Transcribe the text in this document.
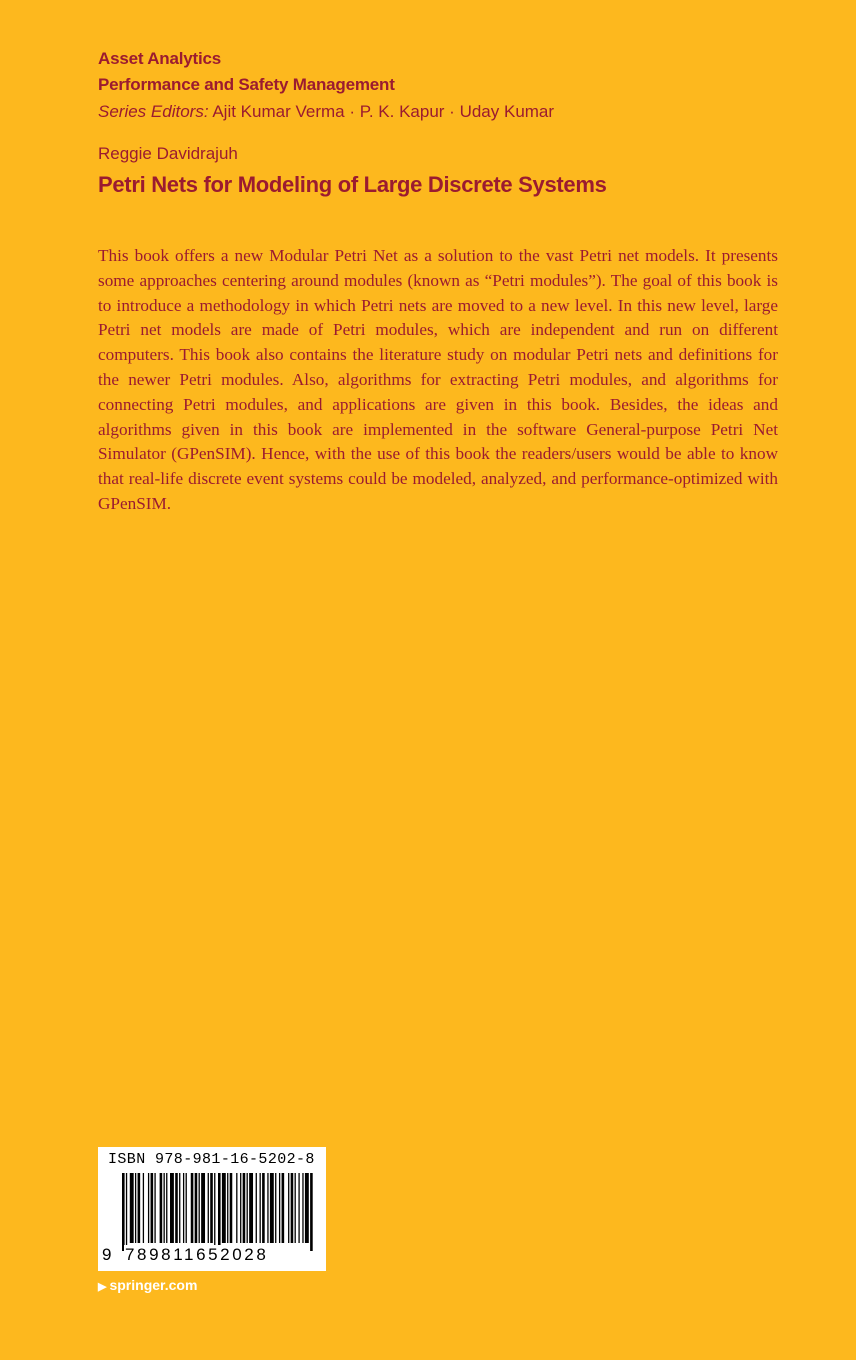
Asset Analytics
Performance and Safety Management
Series Editors: Ajit Kumar Verma · P. K. Kapur · Uday Kumar
Reggie Davidrajuh
Petri Nets for Modeling of Large Discrete Systems

This book offers a new Modular Petri Net as a solution to the vast Petri net models. It presents some approaches centering around modules (known as “Petri modules”). The goal of this book is to introduce a methodology in which Petri nets are moved to a new level. In this new level, large Petri net models are made of Petri modules, which are independent and run on different computers. This book also contains the literature study on modular Petri nets and definitions for the newer Petri modules. Also, algorithms for extracting Petri modules, and algorithms for connecting Petri modules, and applications are given in this book. Besides, the ideas and algorithms given in this book are implemented in the software General-purpose Petri Net Simulator (GPenSIM). Hence, with the use of this book the readers/users would be able to know that real-life discrete event systems could be modeled, analyzed, and performance-optimized with GPenSIM.

ISBN 978-981-16-5202-8
9 789811652028
▶ springer.com
